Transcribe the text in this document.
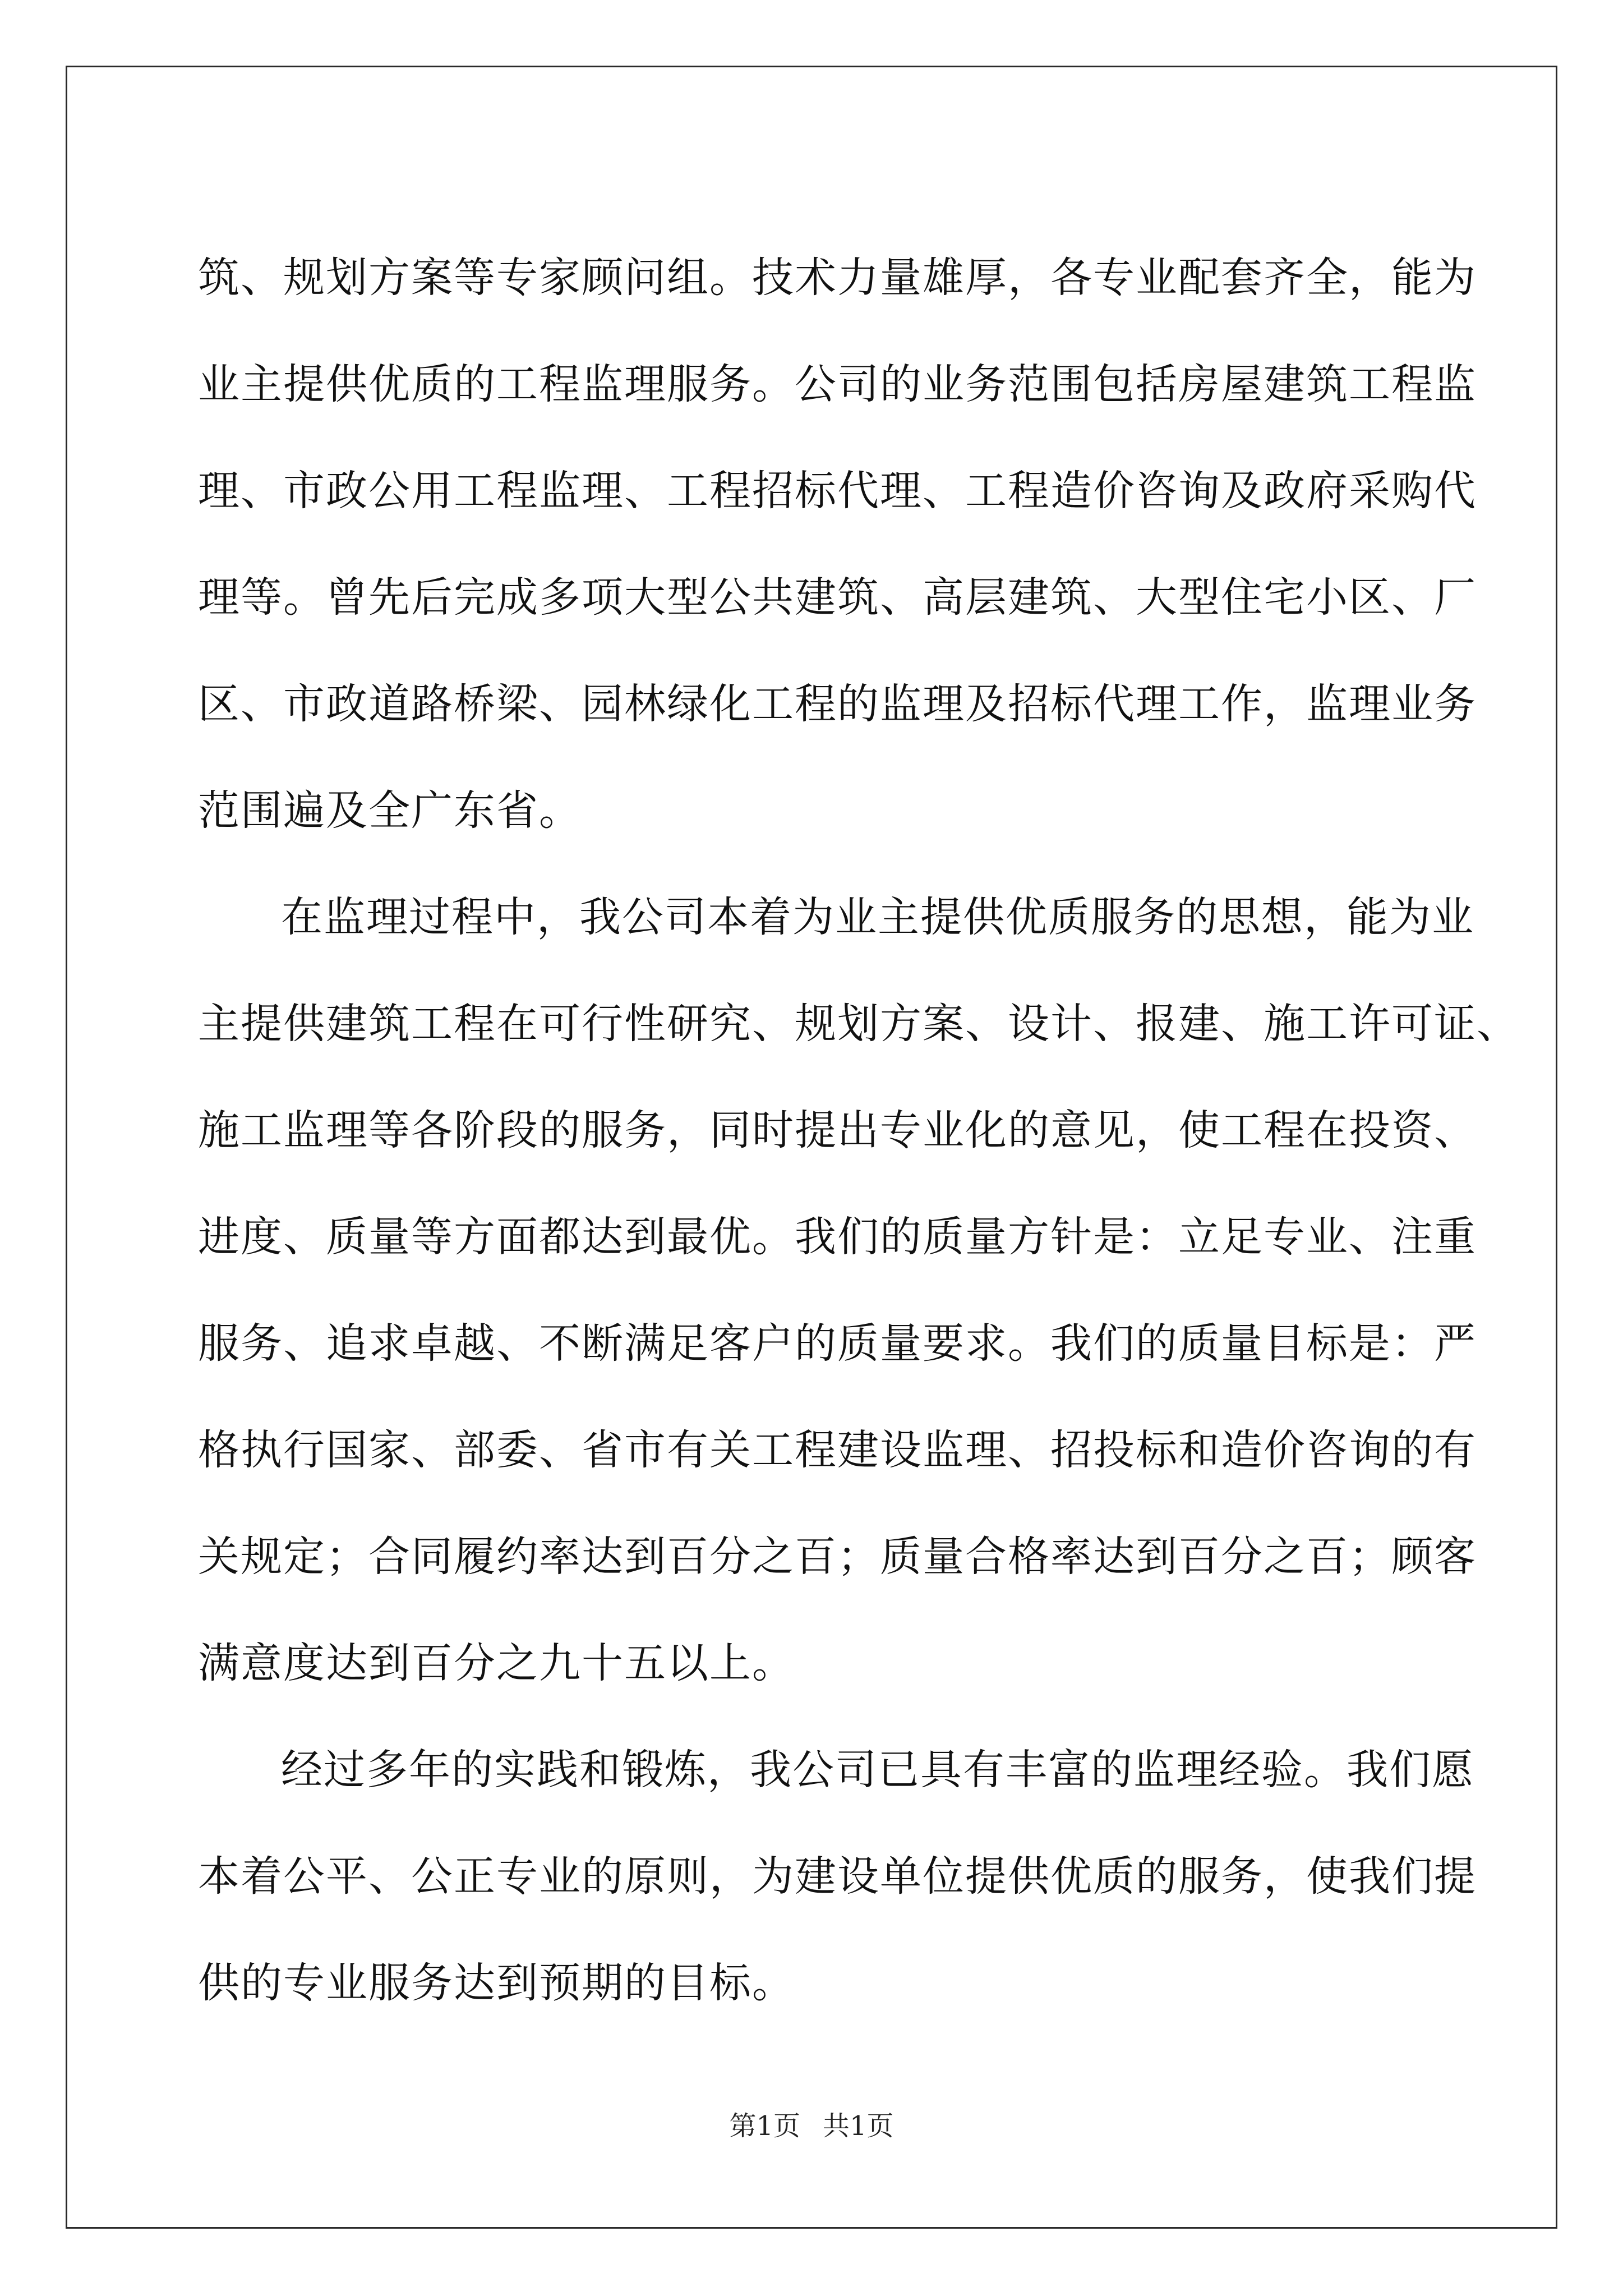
筑、规划方案等专家顾问组。技术力量雄厚，各专业配套齐全，能为
业主提供优质的工程监理服务。公司的业务范围包括房屋建筑工程监
理、市政公用工程监理、工程招标代理、工程造价咨询及政府采购代
理等。曾先后完成多项大型公共建筑、高层建筑、大型住宅小区、厂
区、市政道路桥梁、园林绿化工程的监理及招标代理工作，监理业务
范围遍及全广东省。
在监理过程中，我公司本着为业主提供优质服务的思想，能为业
主提供建筑工程在可行性研究、规划方案、设计、报建、施工许可证、
施工监理等各阶段的服务，同时提出专业化的意见，使工程在投资、
进度、质量等方面都达到最优。我们的质量方针是：立足专业、注重
服务、追求卓越、不断满足客户的质量要求。我们的质量目标是：严
格执行国家、部委、省市有关工程建设监理、招投标和造价咨询的有
关规定；合同履约率达到百分之百；质量合格率达到百分之百；顾客
满意度达到百分之九十五以上。
经过多年的实践和锻炼，我公司已具有丰富的监理经验。我们愿
本着公平、公正专业的原则，为建设单位提供优质的服务，使我们提
供的专业服务达到预期的目标。
第1页 共1页
